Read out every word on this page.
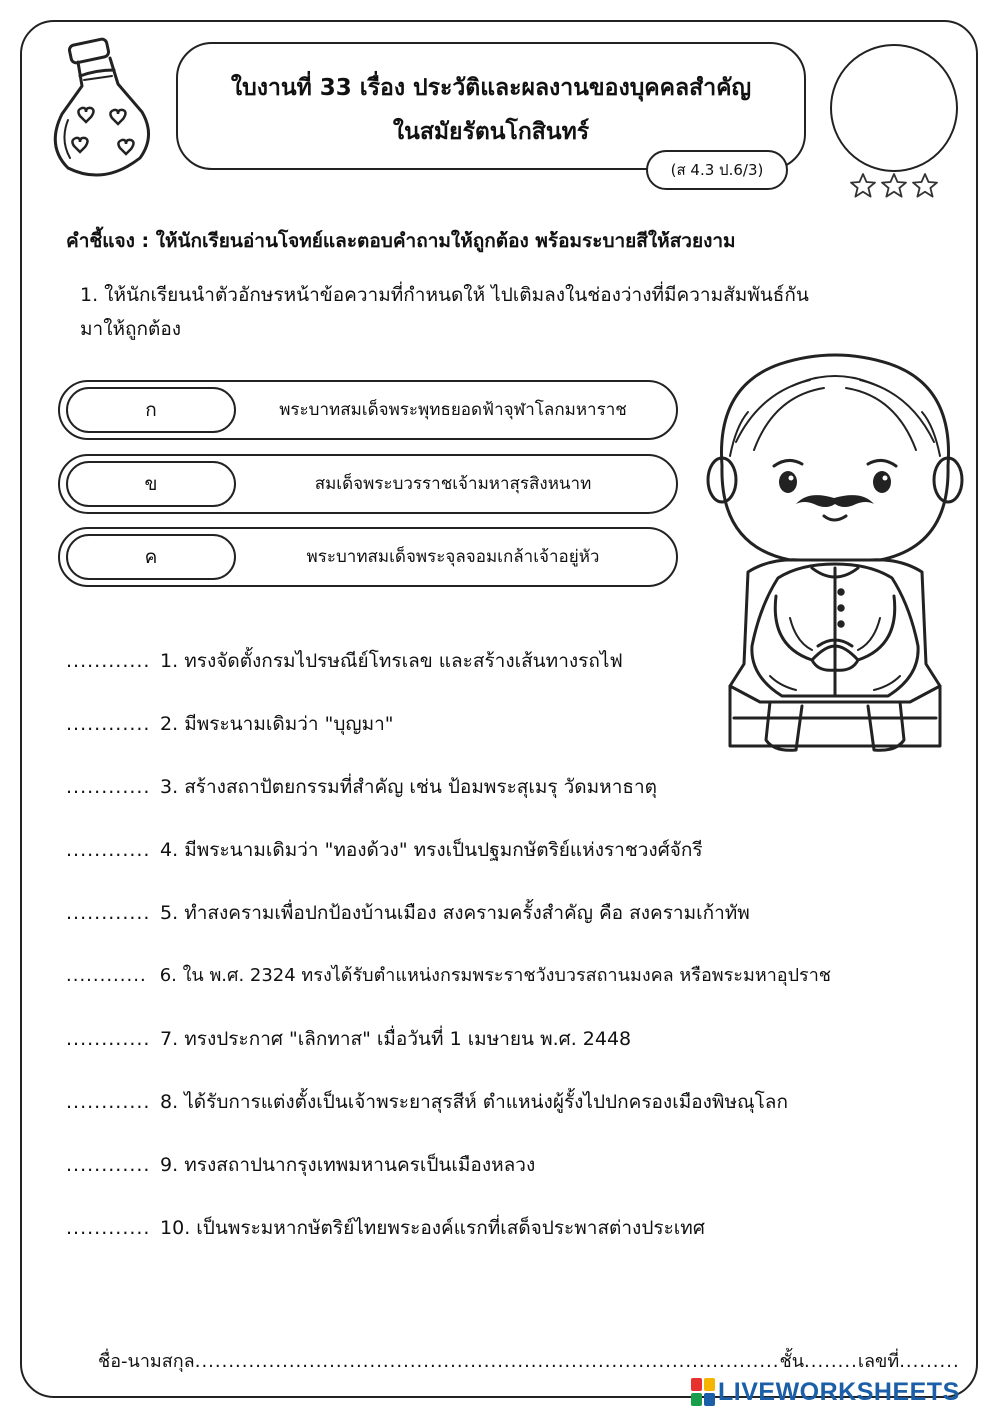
ใบงานที่ 33 เรื่อง ประวัติและผลงานของบุคคลสำคัญ
ในสมัยรัตนโกสินทร์
(ส 4.3 ป.6/3)
คำชี้แจง : ให้นักเรียนอ่านโจทย์และตอบคำถามให้ถูกต้อง พร้อมระบายสีให้สวยงาม
1. ให้นักเรียนนำตัวอักษรหน้าข้อความที่กำหนดให้ ไปเติมลงในช่องว่างที่มีความสัมพันธ์กัน
มาให้ถูกต้อง
ก	พระบาทสมเด็จพระพุทธยอดฟ้าจุฬาโลกมหาราช
ข	สมเด็จพระบวรราชเจ้ามหาสุรสิงหนาท
ค	พระบาทสมเด็จพระจุลจอมเกล้าเจ้าอยู่หัว
............ 1. ทรงจัดตั้งกรมไปรษณีย์โทรเลข และสร้างเส้นทางรถไฟ
............ 2. มีพระนามเดิมว่า "บุญมา"
............ 3. สร้างสถาปัตยกรรมที่สำคัญ เช่น ป้อมพระสุเมรุ วัดมหาธาตุ
............ 4. มีพระนามเดิมว่า "ทองด้วง" ทรงเป็นปฐมกษัตริย์แห่งราชวงศ์จักรี
............ 5. ทำสงครามเพื่อปกป้องบ้านเมือง สงครามครั้งสำคัญ คือ สงครามเก้าทัพ
............ 6. ใน พ.ศ. 2324 ทรงได้รับตำแหน่งกรมพระราชวังบวรสถานมงคล หรือพระมหาอุปราช
............ 7. ทรงประกาศ "เลิกทาส" เมื่อวันที่ 1 เมษายน พ.ศ. 2448
............ 8. ได้รับการแต่งตั้งเป็นเจ้าพระยาสุรสีห์ ตำแหน่งผู้รั้งไปปกครองเมืองพิษณุโลก
............ 9. ทรงสถาปนากรุงเทพมหานครเป็นเมืองหลวง
............ 10. เป็นพระมหากษัตริย์ไทยพระองค์แรกที่เสด็จประพาสต่างประเทศ
ชื่อ-นามสกุล.......................................................................................ชั้น........เลขที่.........
LIVEWORKSHEETS
